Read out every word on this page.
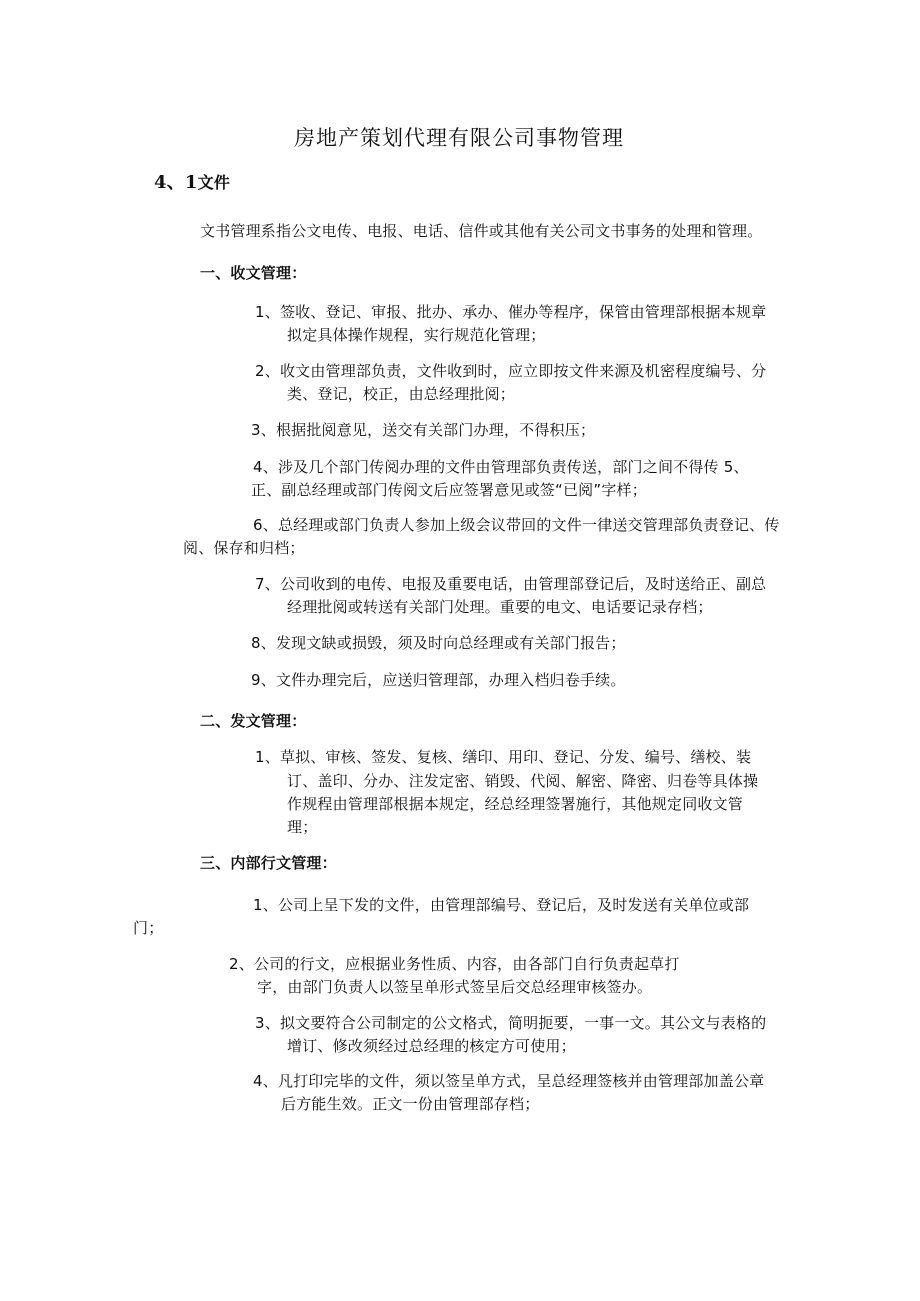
房地产策划代理有限公司事物管理
4、1文件
文书管理系指公文电传、电报、电话、信件或其他有关公司文书事务的处理和管理。
一、收文管理：
1、签收、登记、审报、批办、承办、催办等程序，保管由管理部根据本规章
拟定具体操作规程，实行规范化管理；
2、收文由管理部负责，文件收到时，应立即按文件来源及机密程度编号、分
类、登记，校正，由总经理批阅；
3、根据批阅意见，送交有关部门办理，不得积压；
4、涉及几个部门传阅办理的文件由管理部负责传送，部门之间不得传 5、
正、副总经理或部门传阅文后应签署意见或签“已阅”字样；
6、总经理或部门负责人参加上级会议带回的文件一律送交管理部负责登记、传
阅、保存和归档；
7、公司收到的电传、电报及重要电话，由管理部登记后，及时送给正、副总
经理批阅或转送有关部门处理。重要的电文、电话要记录存档；
8、发现文缺或损毁，须及时向总经理或有关部门报告；
9、文件办理完后，应送归管理部，办理入档归卷手续。
二、发文管理：
1、草拟、审核、签发、复核、缮印、用印、登记、分发、编号、缮校、装
订、盖印、分办、注发定密、销毁、代阅、解密、降密、归卷等具体操
作规程由管理部根据本规定，经总经理签署施行，其他规定同收文管
理；
三、内部行文管理：
1、公司上呈下发的文件，由管理部编号、登记后，及时发送有关单位或部
门；
2、公司的行文，应根据业务性质、内容，由各部门自行负责起草打
字，由部门负责人以签呈单形式签呈后交总经理审核签办。
3、拟文要符合公司制定的公文格式，简明扼要，一事一文。其公文与表格的
增订、修改须经过总经理的核定方可使用；
4、凡打印完毕的文件，须以签呈单方式，呈总经理签核并由管理部加盖公章
后方能生效。正文一份由管理部存档；
